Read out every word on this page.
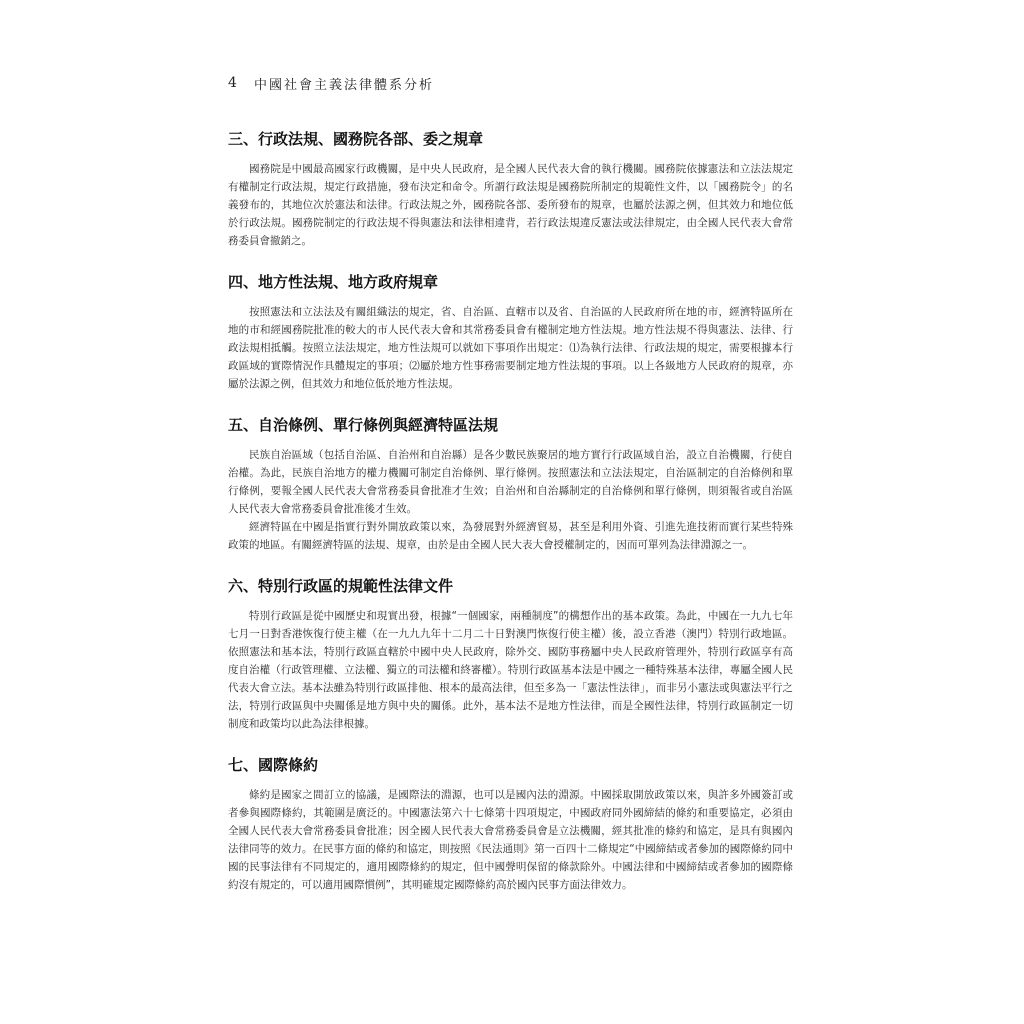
4	中國社會主義法律體系分析
三、行政法規、國務院各部、委之規章

國務院是中國最高國家行政機關，是中央人民政府，是全國人民代表大會的執行機關。國務院依據憲法和立法法規定有權制定行政法規，規定行政措施，發布決定和命令。所謂行政法規是國務院所制定的規範性文件，以「國務院令」的名義發布的，其地位次於憲法和法律。行政法規之外，國務院各部、委所發布的規章，也屬於法源之例，但其效力和地位低於行政法規。國務院制定的行政法規不得與憲法和法律相違背，若行政法規違反憲法或法律規定，由全國人民代表大會常務委員會撤銷之。

四、地方性法規、地方政府規章

按照憲法和立法法及有關組織法的規定，省、自治區、直轄市以及省、自治區的人民政府所在地的市，經濟特區所在地的市和經國務院批准的較大的市人民代表大會和其常務委員會有權制定地方性法規。地方性法規不得與憲法、法律、行政法規相抵觸。按照立法法規定，地方性法規可以就如下事項作出規定：⑴為執行法律、行政法規的規定，需要根據本行政區域的實際情況作具體規定的事項；⑵屬於地方性事務需要制定地方性法規的事項。以上各級地方人民政府的規章，亦屬於法源之例，但其效力和地位低於地方性法規。

五、自治條例、單行條例與經濟特區法規

民族自治區域（包括自治區、自治州和自治縣）是各少數民族聚居的地方實行行政區域自治，設立自治機關，行使自治權。為此，民族自治地方的權力機關可制定自治條例、單行條例。按照憲法和立法法規定，自治區制定的自治條例和單行條例，要報全國人民代表大會常務委員會批准才生效；自治州和自治縣制定的自治條例和單行條例，則須報省或自治區人民代表大會常務委員會批准後才生效。

經濟特區在中國是指實行對外開放政策以來，為發展對外經濟貿易，甚至是利用外資、引進先進技術而實行某些特殊政策的地區。有關經濟特區的法規、規章，由於是由全國人民大表大會授權制定的，因而可單列為法律淵源之一。

六、特別行政區的規範性法律文件

特別行政區是從中國歷史和現實出發，根據“一個國家，兩種制度”的構想作出的基本政策。為此，中國在一九九七年七月一日對香港恢復行使主權（在一九九九年十二月二十日對澳門恢復行使主權）後，設立香港（澳門）特別行政地區。依照憲法和基本法，特別行政區直轄於中國中央人民政府，除外交、國防事務屬中央人民政府管理外，特別行政區享有高度自治權（行政管理權、立法權、獨立的司法權和終審權）。特別行政區基本法是中國之一種特殊基本法律，專屬全國人民代表大會立法。基本法雖為特別行政區排他、根本的最高法律，但至多為一「憲法性法律」，而非另小憲法或與憲法平行之法，特別行政區與中央關係是地方與中央的關係。此外，基本法不是地方性法律，而是全國性法律，特別行政區制定一切制度和政策均以此為法律根據。

七、國際條約

條約是國家之間訂立的協議，是國際法的淵源，也可以是國內法的淵源。中國採取開放政策以來，與許多外國簽訂或者參與國際條約，其範圍是廣泛的。中國憲法第六十七條第十四項規定，中國政府同外國締結的條約和重要協定，必須由全國人民代表大會常務委員會批准；因全國人民代表大會常務委員會是立法機關，經其批准的條約和協定，是具有與國內法律同等的效力。在民事方面的條約和協定，則按照《民法通則》第一百四十二條規定“中國締結或者參加的國際條約同中國的民事法律有不同規定的，適用國際條約的規定，但中國聲明保留的條款除外。中國法律和中國締結或者參加的國際條約沒有規定的，可以適用國際慣例”，其明確規定國際條約高於國內民事方面法律效力。
